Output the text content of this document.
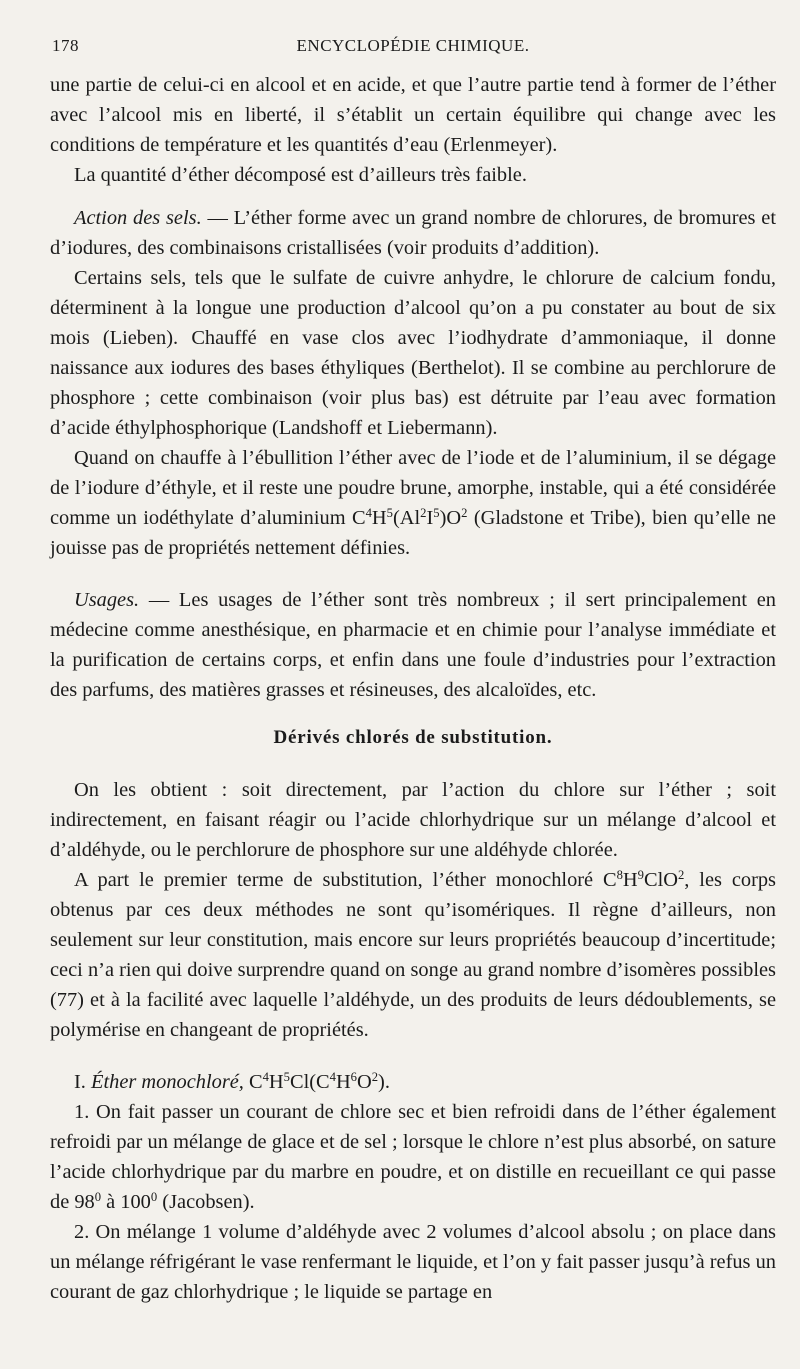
178	ENCYCLOPÉDIE CHIMIQUE.

une partie de celui-ci en alcool et en acide, et que l’autre partie tend à former de l’éther avec l’alcool mis en liberté, il s’établit un certain équilibre qui change avec les conditions de température et les quantités d’eau (Erlenmeyer).

La quantité d’éther décomposé est d’ailleurs très faible.

Action des sels. — L’éther forme avec un grand nombre de chlorures, de bromures et d’iodures, des combinaisons cristallisées (voir produits d’addition).

Certains sels, tels que le sulfate de cuivre anhydre, le chlorure de calcium fondu, déterminent à la longue une production d’alcool qu’on a pu constater au bout de six mois (Lieben). Chauffé en vase clos avec l’iodhydrate d’ammoniaque, il donne naissance aux iodures des bases éthyliques (Berthelot). Il se combine au perchlorure de phosphore ; cette combinaison (voir plus bas) est détruite par l’eau avec formation d’acide éthylphosphorique (Landshoff et Liebermann).

Quand on chauffe à l’ébullition l’éther avec de l’iode et de l’aluminium, il se dégage de l’iodure d’éthyle, et il reste une poudre brune, amorphe, instable, qui a été considérée comme un iodéthylate d’aluminium $C^4H^5(Al^2I^5)O^2$ (Gladstone et Tribe), bien qu’elle ne jouisse pas de propriétés nettement définies.

Usages. — Les usages de l’éther sont très nombreux ; il sert principalement en médecine comme anesthésique, en pharmacie et en chimie pour l’analyse immédiate et la purification de certains corps, et enfin dans une foule d’industries pour l’extraction des parfums, des matières grasses et résineuses, des alcaloïdes, etc.

Dérivés chlorés de substitution.

On les obtient : soit directement, par l’action du chlore sur l’éther ; soit indirectement, en faisant réagir ou l’acide chlorhydrique sur un mélange d’alcool et d’aldéhyde, ou le perchlorure de phosphore sur une aldéhyde chlorée.

A part le premier terme de substitution, l’éther monochloré $C^8H^9ClO^2$, les corps obtenus par ces deux méthodes ne sont qu’isomériques. Il règne d’ailleurs, non seulement sur leur constitution, mais encore sur leurs propriétés beaucoup d’incertitude; ceci n’a rien qui doive surprendre quand on songe au grand nombre d’isomères possibles (77) et à la facilité avec laquelle l’aldéhyde, un des produits de leurs dédoublements, se polymérise en changeant de propriétés.

I. Éther monochloré, $C^4H^5Cl(C^4H^6O^2)$.

1. On fait passer un courant de chlore sec et bien refroidi dans de l’éther également refroidi par un mélange de glace et de sel ; lorsque le chlore n’est plus absorbé, on sature l’acide chlorhydrique par du marbre en poudre, et on distille en recueillant ce qui passe de $98^0$ à $100^0$ (Jacobsen).

2. On mélange 1 volume d’aldéhyde avec 2 volumes d’alcool absolu ; on place dans un mélange réfrigérant le vase renfermant le liquide, et l’on y fait passer jusqu’à refus un courant de gaz chlorhydrique ; le liquide se partage en
